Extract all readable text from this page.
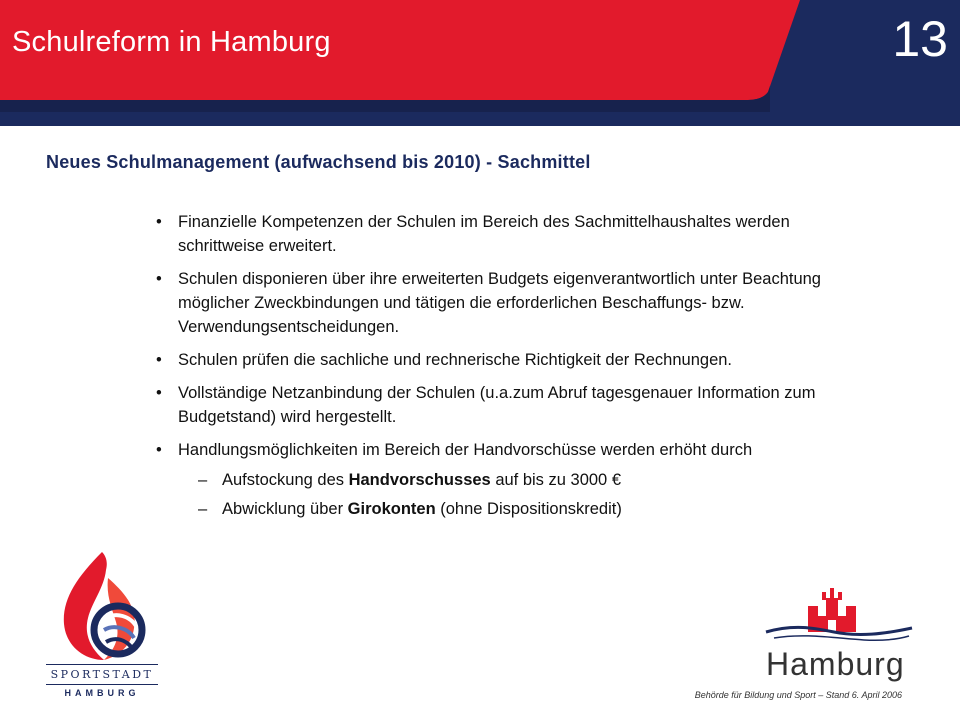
Schulreform in Hamburg	13
Neues Schulmanagement (aufwachsend bis 2010) - Sachmittel
• Finanzielle Kompetenzen der Schulen im Bereich des Sachmittelhaushaltes werden schrittweise erweitert.
• Schulen disponieren über ihre erweiterten Budgets eigenverantwortlich unter Beachtung möglicher Zweckbindungen und tätigen die erforderlichen Beschaffungs- bzw. Verwendungsentscheidungen.
• Schulen prüfen die sachliche und rechnerische Richtigkeit der Rechnungen.
• Vollständige Netzanbindung der Schulen (u.a.zum Abruf tagesgenauer Information zum Budgetstand) wird hergestellt.
• Handlungsmöglichkeiten im Bereich der Handvorschüsse werden erhöht durch
– Aufstockung des Handvorschusses auf bis zu 3000 €
– Abwicklung über Girokonten (ohne Dispositionskredit)
SPORTSTADT
HAMBURG
Hamburg
Behörde für Bildung und Sport – Stand 6. April 2006
